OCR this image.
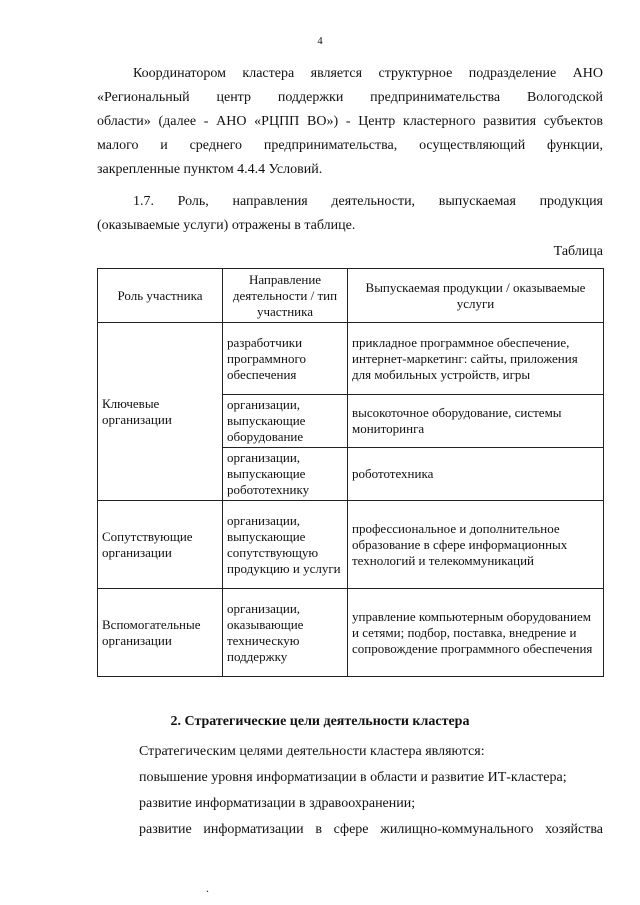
4
Координатором кластера является структурное подразделение АНО
«Региональный центр поддержки предпринимательства Вологодской
области» (далее - АНО «РЦПП ВО») - Центр кластерного развития субъектов
малого и среднего предпринимательства, осуществляющий функции,
закрепленные пунктом 4.4.4 Условий.
1.7. Роль, направления деятельности, выпускаемая продукция
(оказываемые услуги) отражены в таблице.
Таблица
Роль участника	Направление деятельности / тип участника	Выпускаемая продукции / оказываемые услуги
Ключевые организации	разработчики программного обеспечения	прикладное программное обеспечение, интернет-маркетинг: сайты, приложения для мобильных устройств, игры
	организации, выпускающие оборудование	высокоточное оборудование, системы мониторинга
	организации, выпускающие робототехнику	робототехника
Сопутствующие организации	организации, выпускающие сопутствующую продукцию и услуги	профессиональное и дополнительное образование в сфере информационных технологий и телекоммуникаций
Вспомогательные организации	организации, оказывающие техническую поддержку	управление компьютерным оборудованием и сетями; подбор, поставка, внедрение и сопровождение программного обеспечения
2. Стратегические цели деятельности кластера
Стратегическим целями деятельности кластера являются:
повышение уровня информатизации в области и развитие ИТ-кластера;
развитие информатизации в здравоохранении;
развитие информатизации в сфере жилищно-коммунального хозяйства
.
